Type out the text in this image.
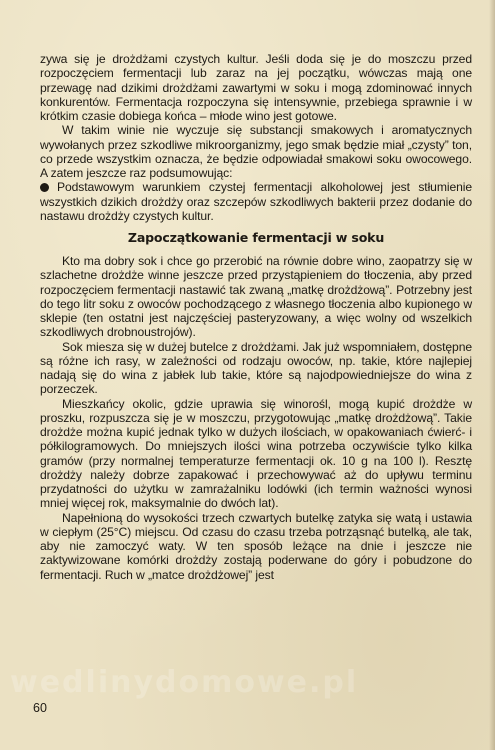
wedlinydomowe.pl

zywa się je drożdżami czystych kultur. Jeśli doda się je do moszczu przed rozpoczęciem fermentacji lub zaraz na jej początku, wówczas mają one przewagę nad dzikimi drożdżami zawartymi w soku i mogą zdominować innych konkurentów. Fermentacja rozpoczyna się intensywnie, przebiega sprawnie i w krótkim czasie dobiega końca – młode wino jest gotowe.

W takim winie nie wyczuje się substancji smakowych i aromatycznych wywołanych przez szkodliwe mikroorganizmy, jego smak będzie miał „czysty” ton, co przede wszystkim oznacza, że będzie odpowiadał smakowi soku owocowego. A zatem jeszcze raz podsumowując:

Podstawowym warunkiem czystej fermentacji alkoholowej jest stłumienie wszystkich dzikich drożdży oraz szczepów szkodliwych bakterii przez dodanie do nastawu drożdży czystych kultur.

Zapoczątkowanie fermentacji w soku

Kto ma dobry sok i chce go przerobić na równie dobre wino, zaopatrzy się w szlachetne drożdże winne jeszcze przed przystąpieniem do tłoczenia, aby przed rozpoczęciem fermentacji nastawić tak zwaną „matkę drożdżową”. Potrzebny jest do tego litr soku z owoców pochodzącego z własnego tłoczenia albo kupionego w sklepie (ten ostatni jest najczęściej pasteryzowany, a więc wolny od wszelkich szkodliwych drobnoustrojów).

Sok miesza się w dużej butelce z drożdżami. Jak już wspomniałem, dostępne są różne ich rasy, w zależności od rodzaju owoców, np. takie, które najlepiej nadają się do wina z jabłek lub takie, które są najodpowiedniejsze do wina z porzeczek.

Mieszkańcy okolic, gdzie uprawia się winorośl, mogą kupić drożdże w proszku, rozpuszcza się je w moszczu, przygotowując „matkę drożdżową”. Takie drożdże można kupić jednak tylko w dużych ilościach, w opakowaniach ćwierć- i półkilogramowych. Do mniejszych ilości wina potrzeba oczywiście tylko kilka gramów (przy normalnej temperaturze fermentacji ok. 10 g na 100 l). Resztę drożdży należy dobrze zapakować i przechowywać aż do upływu terminu przydatności do użytku w zamrażalniku lodówki (ich termin ważności wynosi mniej więcej rok, maksymalnie do dwóch lat).

Napełnioną do wysokości trzech czwartych butelkę zatyka się watą i ustawia w ciepłym (25°C) miejscu. Od czasu do czasu trzeba potrząsnąć butelką, ale tak, aby nie zamoczyć waty. W ten sposób leżące na dnie i jeszcze nie zaktywizowane komórki drożdży zostają poderwane do góry i pobudzone do fermentacji. Ruch w „matce drożdżowej” jest

60
